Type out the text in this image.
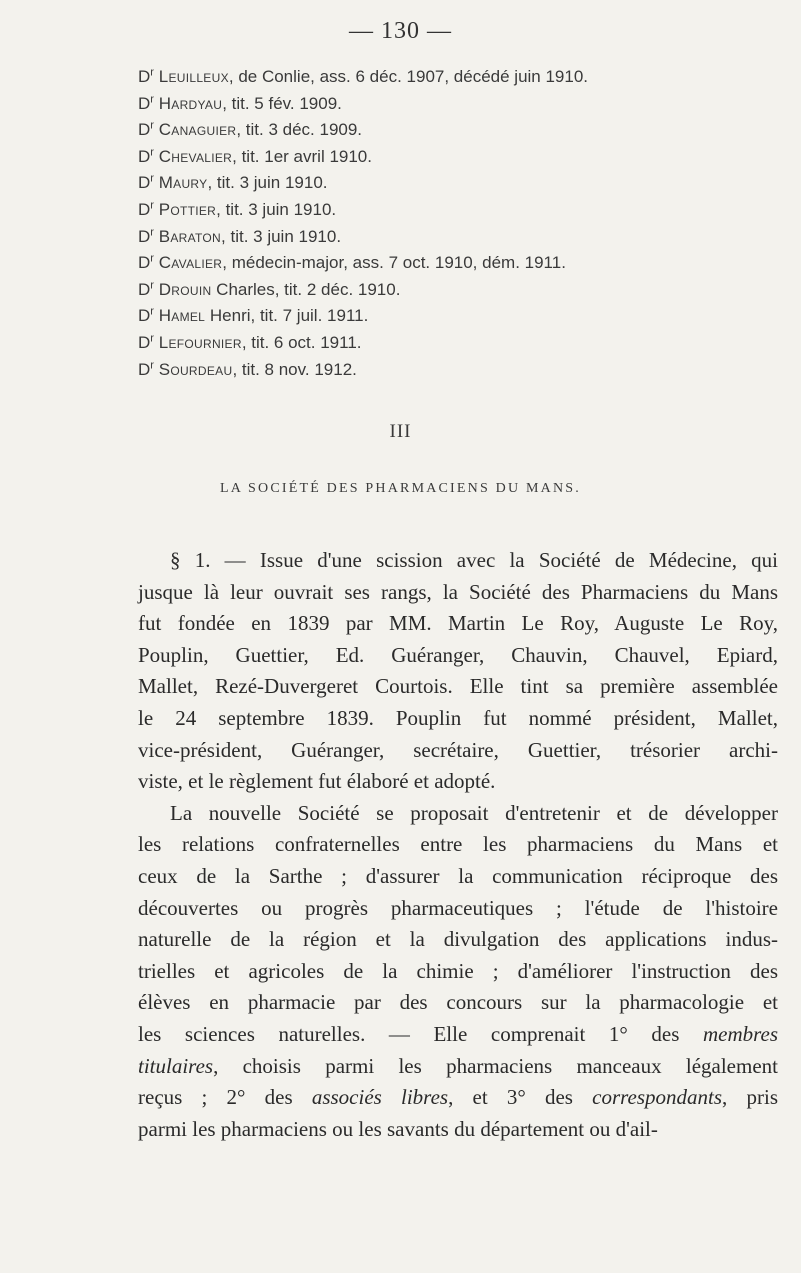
— 130 —
$D^r$ Leuilleux, de Conlie, ass. 6 déc. 1907, décédé juin 1910.
$D^r$ Hardyau, tit. 5 fév. 1909.
$D^r$ Canaguier, tit. 3 déc. 1909.
$D^r$ Chevalier, tit. 1er avril 1910.
$D^r$ Maury, tit. 3 juin 1910.
$D^r$ Pottier, tit. 3 juin 1910.
$D^r$ Baraton, tit. 3 juin 1910.
$D^r$ Cavalier, médecin-major, ass. 7 oct. 1910, dém. 1911.
$D^r$ Drouin Charles, tit. 2 déc. 1910.
$D^r$ Hamel Henri, tit. 7 juil. 1911.
$D^r$ Lefournier, tit. 6 oct. 1911.
$D^r$ Sourdeau, tit. 8 nov. 1912.
III
LA SOCIÉTÉ DES PHARMACIENS DU MANS.

§ 1. — Issue d'une scission avec la Société de Médecine, qui

jusque là leur ouvrait ses rangs, la Société des Pharmaciens du Mans

fut fondée en 1839 par MM. Martin Le Roy, Auguste Le Roy,

Pouplin, Guettier, Ed. Guéranger, Chauvin, Chauvel, Epiard,

Mallet, Rezé-Duvergeret Courtois. Elle tint sa première assemblée

le 24 septembre 1839. Pouplin fut nommé président, Mallet,

vice-président, Guéranger, secrétaire, Guettier, trésorier archi-

viste, et le règlement fut élaboré et adopté.

La nouvelle Société se proposait d'entretenir et de développer

les relations confraternelles entre les pharmaciens du Mans et

ceux de la Sarthe ; d'assurer la communication réciproque des

découvertes ou progrès pharmaceutiques ; l'étude de l'histoire

naturelle de la région et la divulgation des applications indus-

trielles et agricoles de la chimie ; d'améliorer l'instruction des

élèves en pharmacie par des concours sur la pharmacologie et

les sciences naturelles. — Elle comprenait 1° des membres

titulaires, choisis parmi les pharmaciens manceaux légalement

reçus ; 2° des associés libres, et 3° des correspondants, pris

parmi les pharmaciens ou les savants du département ou d'ail-
